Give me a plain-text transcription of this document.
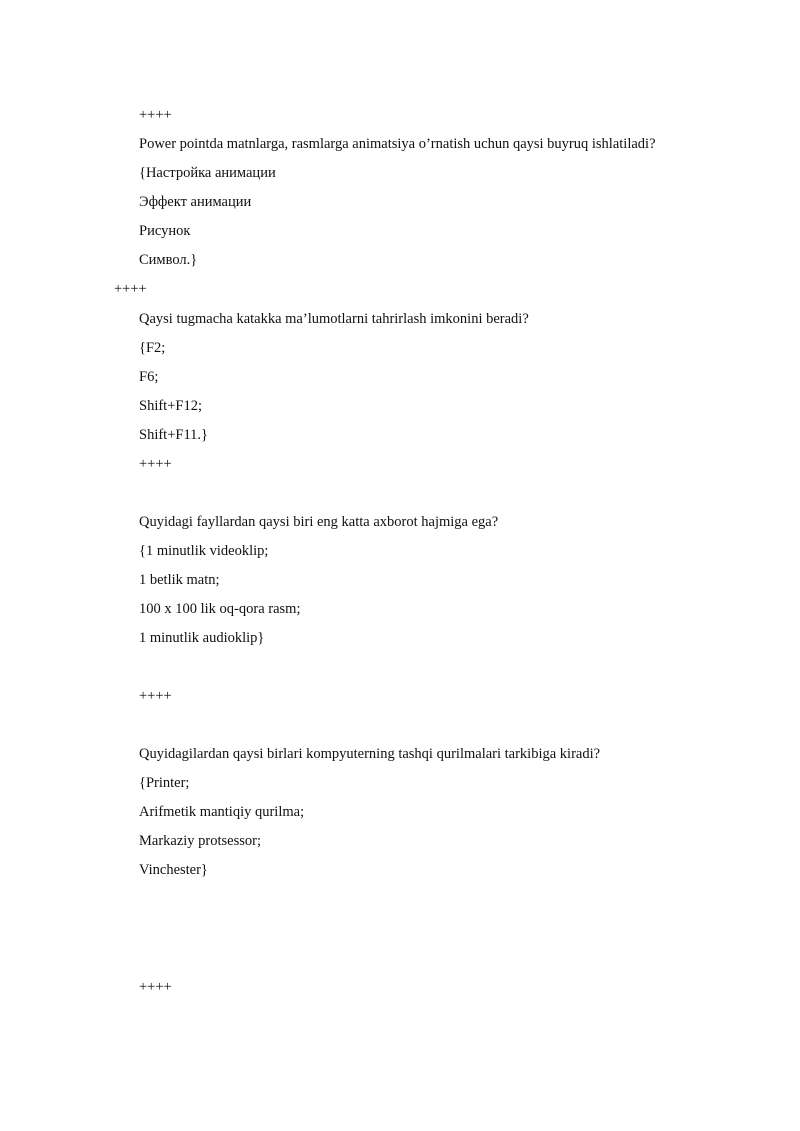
++++

Power pointda matnlarga, rasmlarga animatsiya o’rnatish uchun qaysi buyruq ishlatiladi?

{Настройка анимации

Эффект анимации

Рисунок

Символ.}

++++

Qaysi tugmacha katakka ma’lumotlarni tahrirlash imkonini beradi?

{F2;

F6;

Shift+F12;

Shift+F11.}

++++

Quyidagi fayllardan qaysi biri eng katta axborot hajmiga ega?

{1 minutlik videoklip;

1 betlik matn;

100 x 100 lik oq-qora rasm;

1 minutlik audioklip}

++++

Quyidagilardan qaysi birlari kompyuterning tashqi qurilmalari tarkibiga kiradi?

{Printer;

Arifmetik mantiqiy qurilma;

Markaziy protsessor;

Vinchester}

++++
